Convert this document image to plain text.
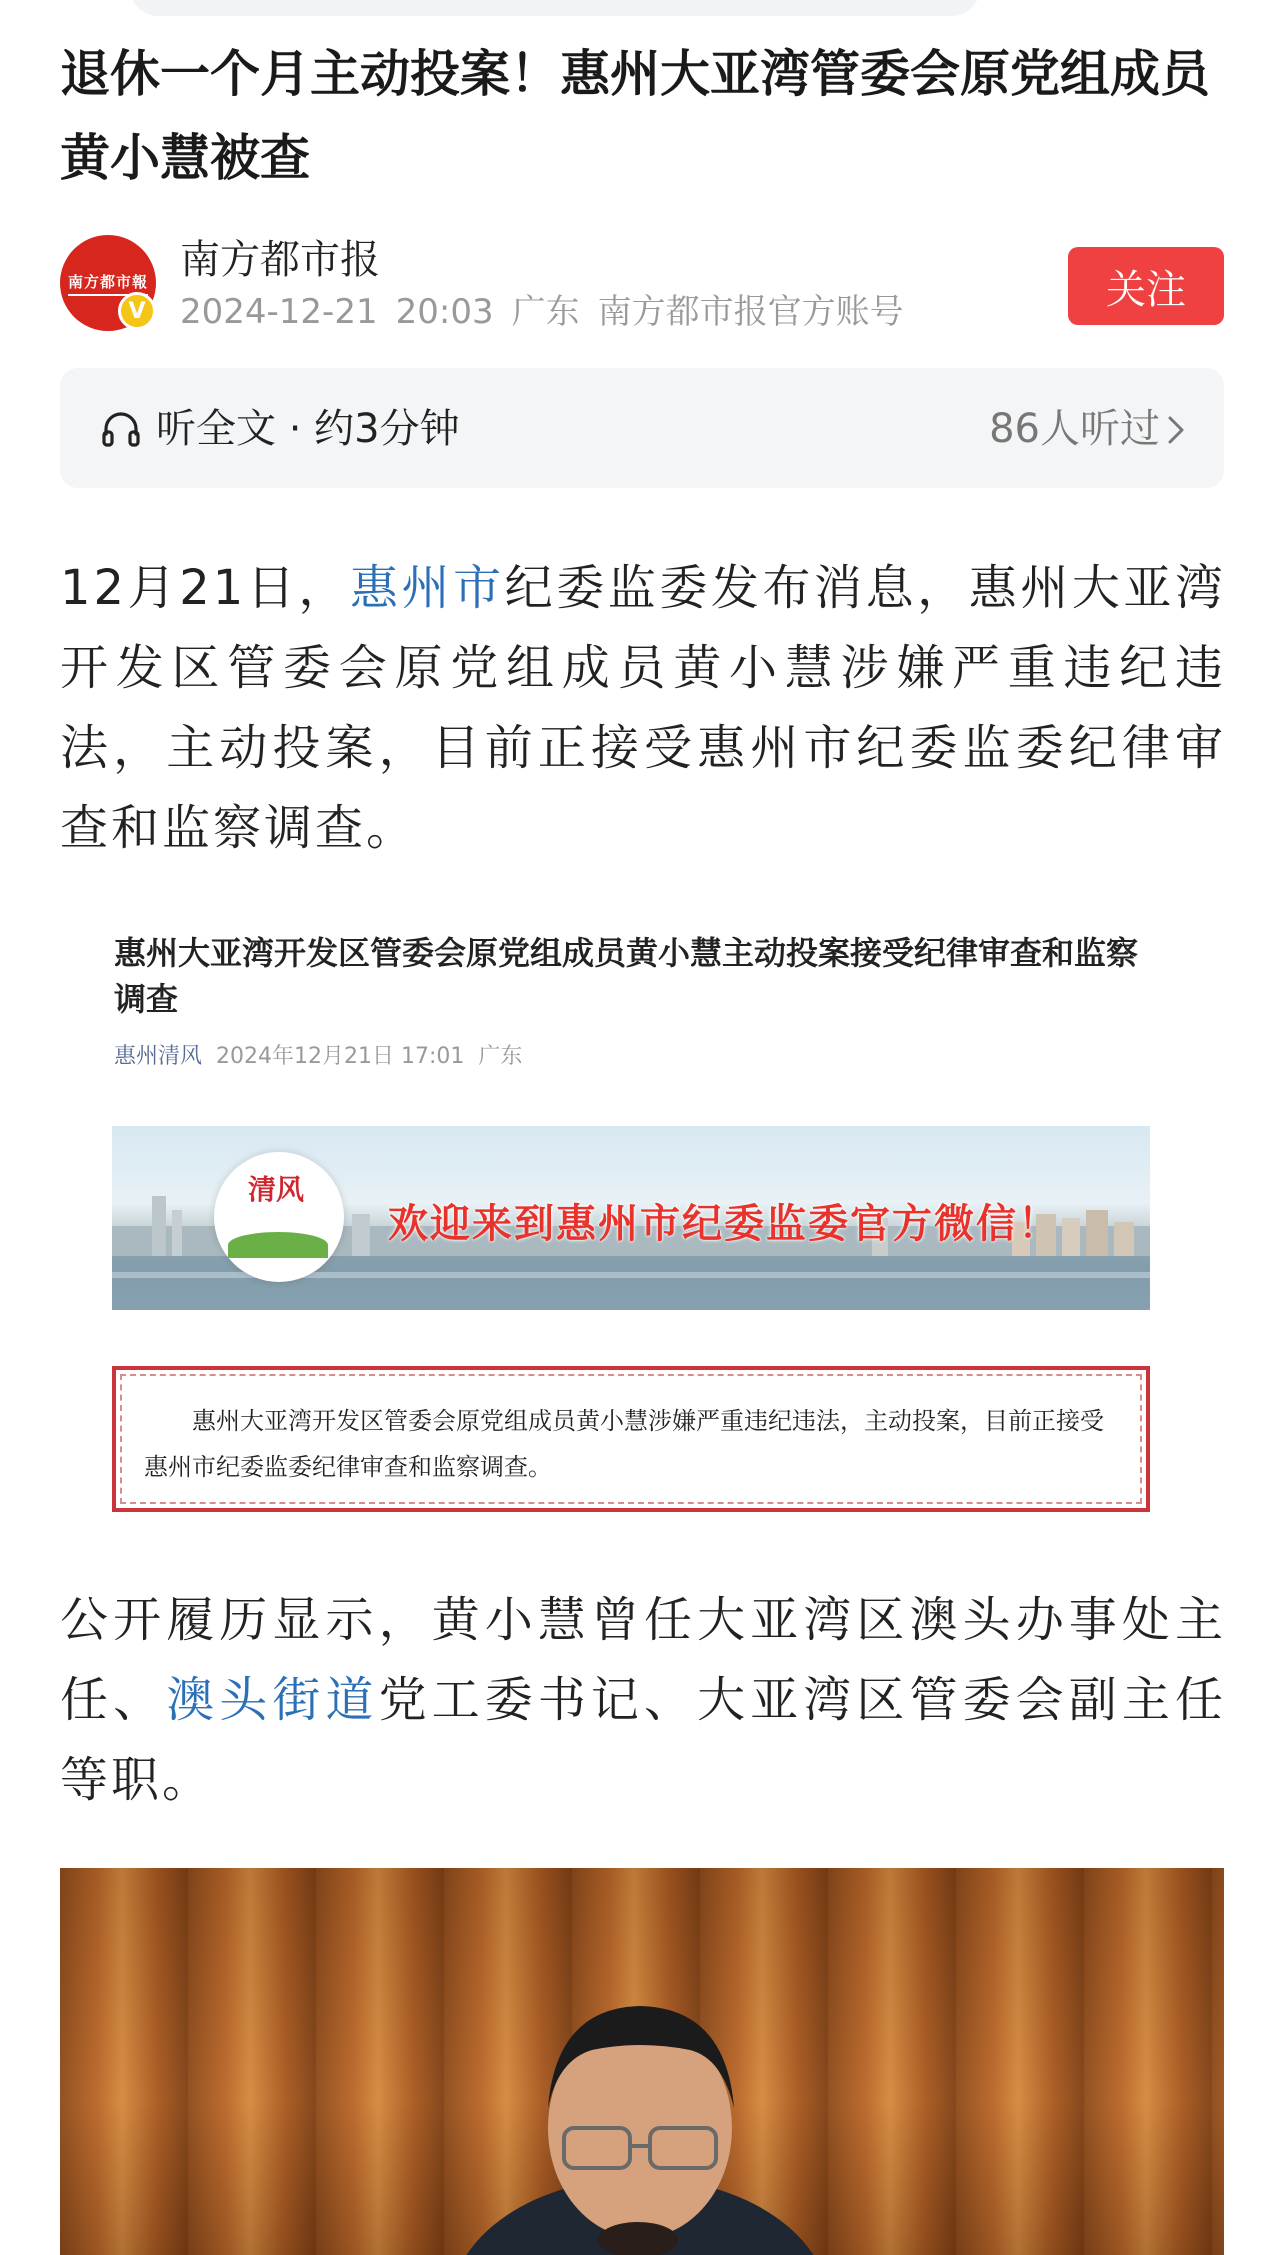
退休一个月主动投案！惠州大亚湾管委会原党组成员黄小慧被查
南方都市報
V
南方都市报
2024-12-21 20:03 广东 南方都市报官方账号	关注
听全文 · 约3分钟	86人听过

12月21日，惠州市纪委监委发布消息，惠州大亚湾开发区管委会原党组成员黄小慧涉嫌严重违纪违法，主动投案，目前正接受惠州市纪委监委纪律审查和监察调查。

惠州大亚湾开发区管委会原党组成员黄小慧主动投案接受纪律审查和监察调查
惠州清风 2024年12月21日 17:01 广东
清风
欢迎来到惠州市纪委监委官方微信！
惠州大亚湾开发区管委会原党组成员黄小慧涉嫌严重违纪违法，主动投案，目前正接受惠州市纪委监委纪律审查和监察调查。

公开履历显示，黄小慧曾任大亚湾区澳头办事处主任、澳头街道党工委书记、大亚湾区管委会副主任等职。
